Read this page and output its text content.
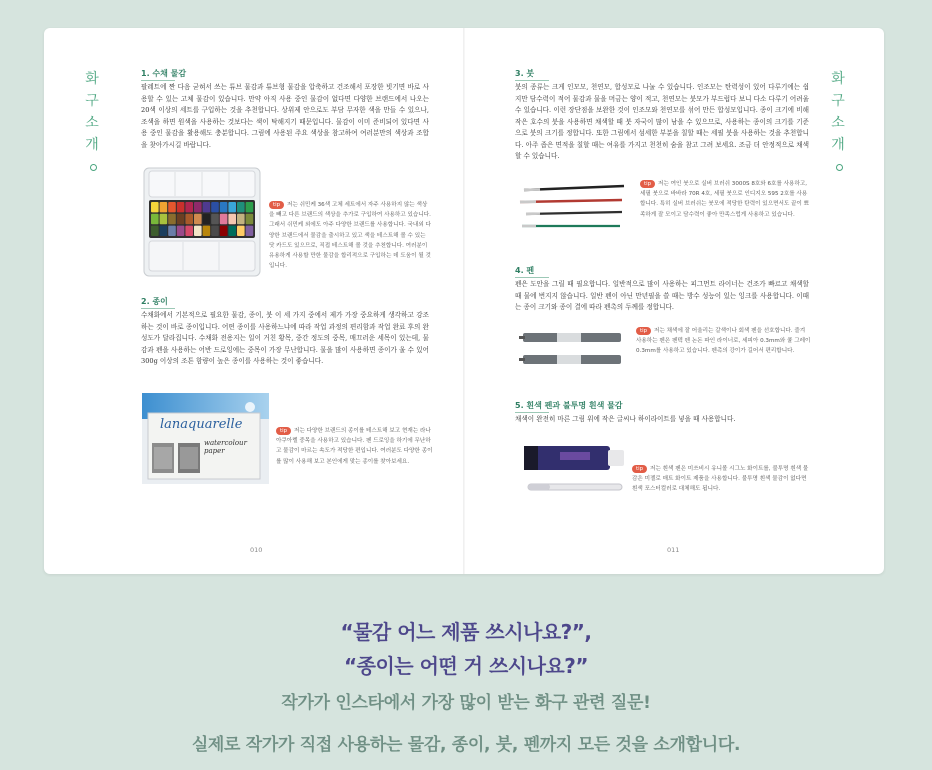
화
구
소
개
1. 수채 물감
팔레트에 짠 다음 굳혀서 쓰는 튜브 물감과 튜브형 물감을 압축하고 건조해서 포장한 빗기면 바로 사용할 수 있는 고체 물감이 있습니다. 만약 아직 사용 중인 물감이 없다면 다양한 브랜드에서 나오는 20색 이상의 세트를 구입하는 것을 추천합니다. 상위제 안으로도 부담 무자한 색을 만들 수 있으나, 조색을 하면 원색을 사용하는 것보다는 색이 탁해지기 때문입니다. 물감이 이미 준비되어 있다면 사용 중인 물감을 활용해도 충분합니다. 그림에 사용된 주요 색상을 참고하여 여러분만의 색상과 조합을 찾아가시길 바랍니다.
tip 저는 쉬민케 36색 고체 세트에서 자주 사용하지 않는 색상을 빼고 다른 브랜드의 색상을 추가로 구입하여 사용하고 있습니다. 그래서 쉬민케 외에도 아주 다양한 브랜드를 사용합니다. 국내외 다양한 브랜드에서 물감을 출시하고 있고 색을 테스트해 볼 수 있는 닷 카드도 있으므로, 직접 테스트해 볼 것을 추천합니다. 여러분이 유용하게 사용할 만한 물감을 합리적으로 구입하는 데 도움이 될 것입니다.
2. 종이
수채화에서 기본적으로 필요한 물감, 종이, 붓 이 세 가지 중에서 제가 가장 중요하게 생각하고 강조하는 것이 바로 종이입니다. 어떤 종이를 사용하느냐에 따라 작업 과정의 편리함과 작업 완료 후의 완성도가 달라집니다. 수채화 전용지는 일이 거친 황목, 중간 정도의 중목, 매끄러운 세목이 있는데, 물감과 펜을 사용하는 어반 드로잉에는 중목이 가장 무난합니다. 물을 많이 사용하면 종이가 울 수 있어 300g 이상의 조튼 함량이 높은 종이를 사용하는 것이 좋습니다.
lanaquarelle
watercolour paper
tip 저는 다양한 브랜드의 종이를 테스트해 보고 현재는 라나 아쿠아렐 중목을 사용하고 있습니다. 펜 드로잉을 하기에 무난하고 물감이 마르는 속도가 적당한 편입니다. 여러분도 다양한 종이를 많이 사용해 보고 본인에게 맞는 종이를 찾아보세요.
010
화
구
소
개
3. 붓
붓의 종류는 크게 인모모, 천연모, 합성모로 나눌 수 있습니다. 인조모는 탄력성이 있어 다루기에는 쉽지만 담수력이 적어 물감과 물을 머금는 양이 적고, 천연모는 붓모가 부드럽다 보니 다소 다루기 어려울 수 있습니다. 이런 장단점을 보완한 것이 인조모와 천연모를 섞어 만든 합성모입니다. 종이 크기에 비해 작은 호수의 붓을 사용하면 채색할 때 붓 자국이 많이 남을 수 있으므로, 사용하는 종이의 크기를 기준으로 붓의 크기를 정합니다. 또한 그림에서 섬세한 부분을 칠할 때는 세필 붓을 사용하는 것을 추천합니다. 아주 좁은 면적을 칠할 때는 여유를 가지고 천천히 숨을 참고 그려 보세요. 조금 더 안정적으로 채색할 수 있습니다.
tip 저는 여인 붓으로 실버 브러쉬 3000S 8호와 6호를 사용하고, 세필 붓으로 바바라 70R 4호, 세필 붓으로 인디지오 595 2호를 사용합니다. 특히 실버 브러쉬는 붓모에 적당한 탄력이 있으면서도 끝이 뾰족하게 잘 모이고 담수력이 좋아 만족스럽게 사용하고 있습니다.
4. 펜
펜은 도안을 그릴 때 필요합니다. 일반적으로 많이 사용하는 피그먼트 라이너는 건조가 빠르고 채색할 때 물에 번지지 않습니다. 일반 펜이 아닌 만년필을 쓸 때는 방수 성능이 있는 잉크를 사용합니다. 이때는 종이 크기와 종이 결에 따라 펜촉의 두께를 정합니다.
tip 저는 채색에 잘 어울리는 갈색이나 회색 펜을 선호합니다. 즐겨 사용하는 펜은 펜텍 펜 논돈 파인 라이너로, 세피아 0.3mm와 쿨 그레이 0.3mm를 사용하고 있습니다. 펜촉의 강이가 길어서 편리합니다.
5. 흰색 펜과 불투명 흰색 물감
채색이 완전히 마른 그림 위에 작은 글씨나 하이라이트를 넣을 때 사용합니다.
tip 저는 흰색 펜은 미쓰비시 유니볼 시그노 화이트를, 불투명 흰색 물감은 미젤로 매트 화이트 제품을 사용합니다. 불투명 흰색 물감이 없다면 흰색 포스터컬러로 대체해도 됩니다.
011
“물감 어느 제품 쓰시나요?”,
“종이는 어떤 거 쓰시나요?”
작가가 인스타에서 가장 많이 받는 화구 관련 질문!
실제로 작가가 직접 사용하는 물감, 종이, 붓, 펜까지 모든 것을 소개합니다.
